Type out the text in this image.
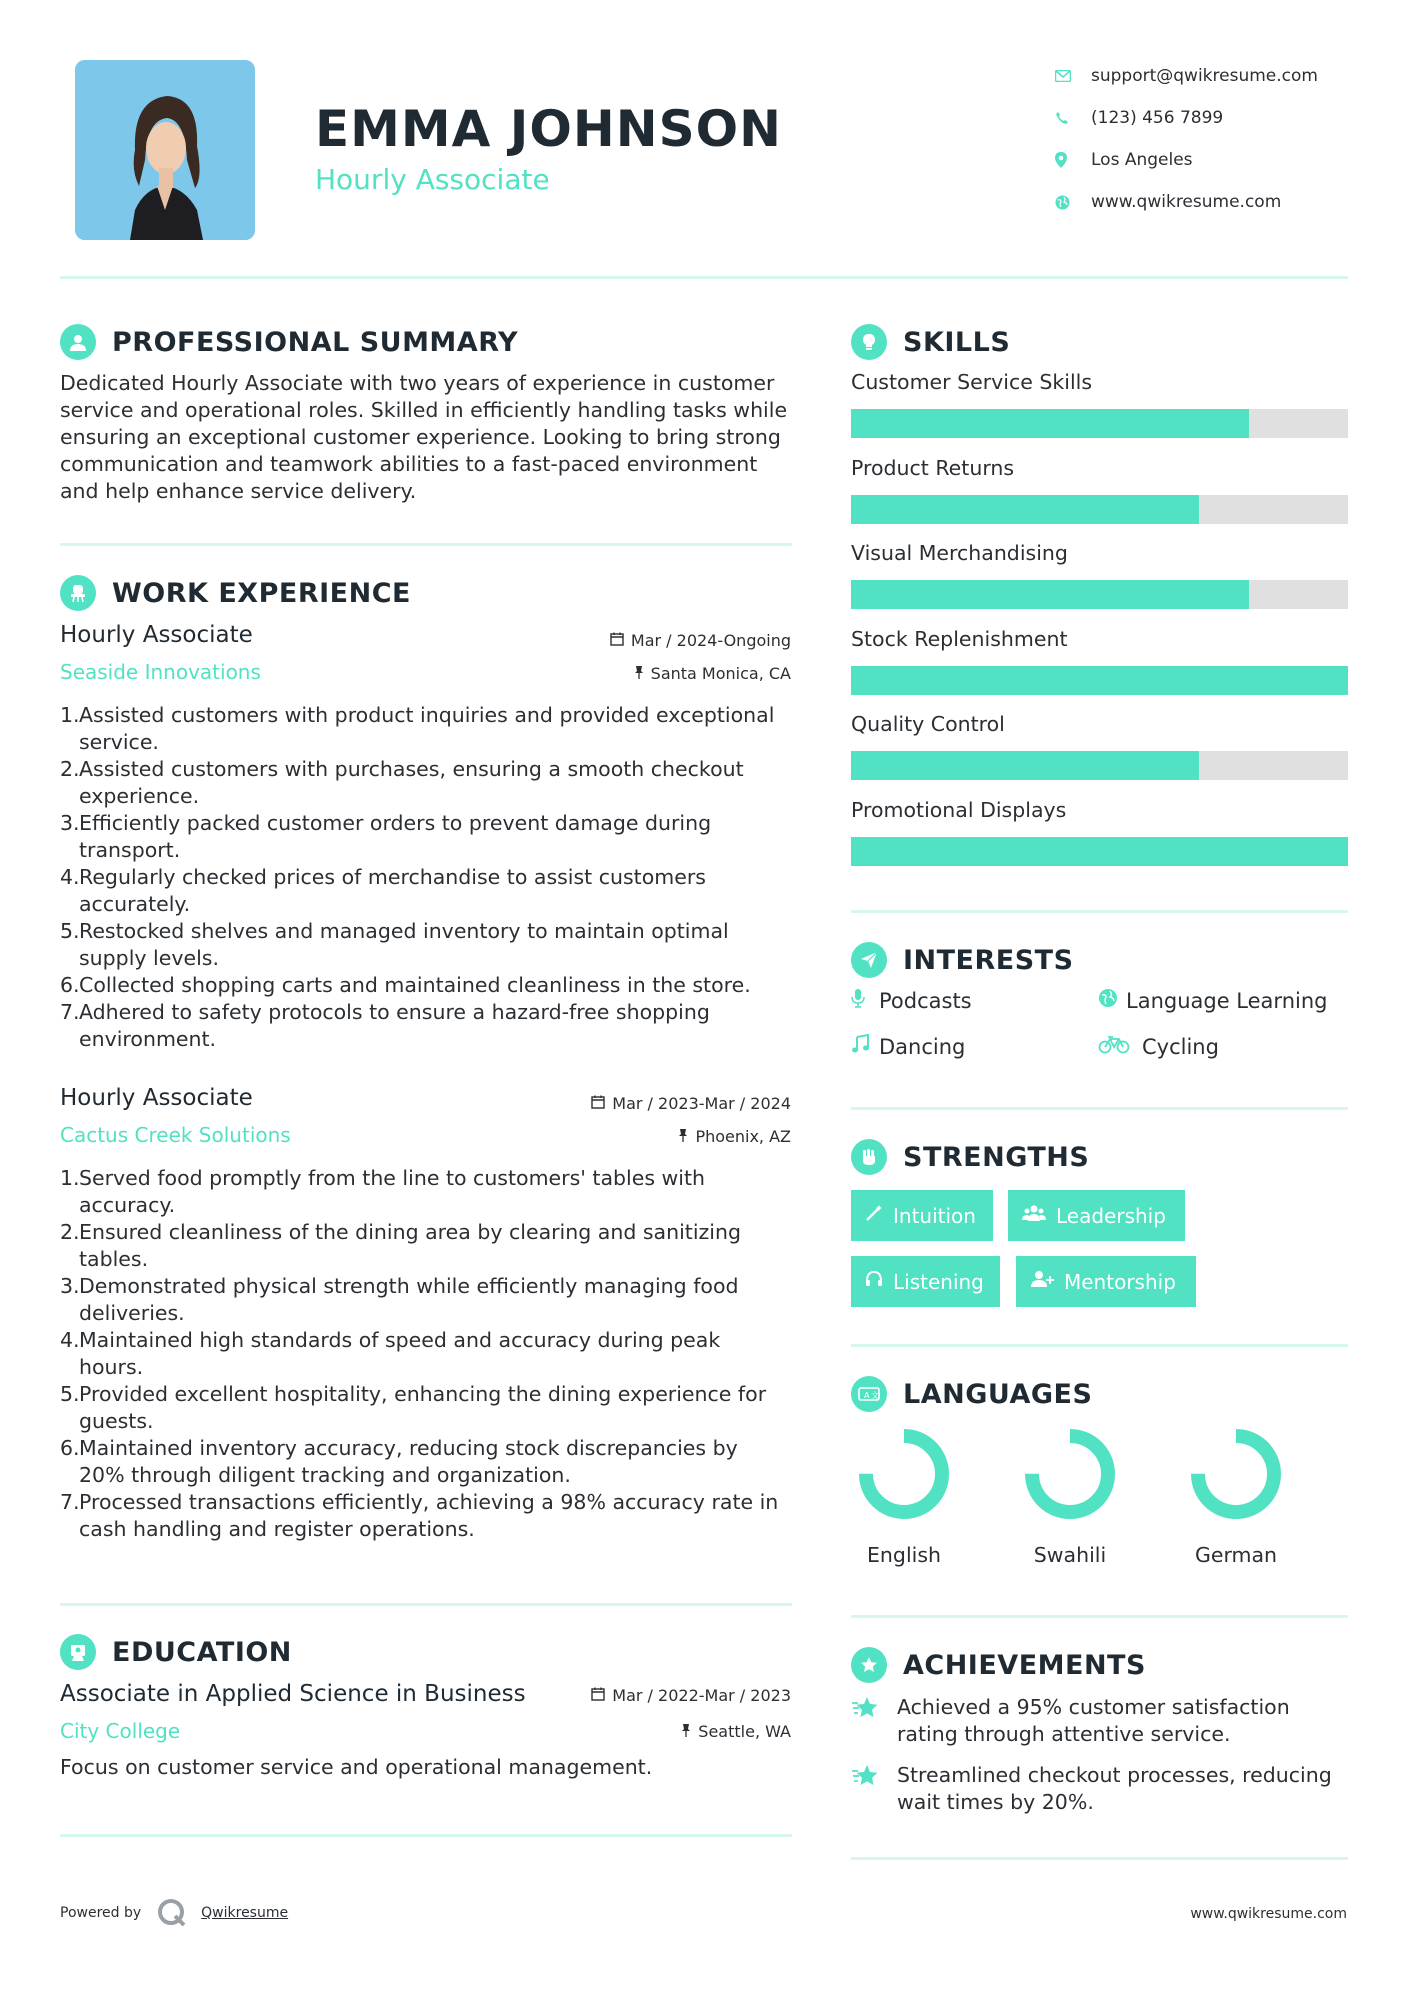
EMMA JOHNSON
Hourly Associate
support@qwikresume.com
(123) 456 7899
Los Angeles
www.qwikresume.com
PROFESSIONAL SUMMARY
Dedicated Hourly Associate with two years of experience in customer
service and operational roles. Skilled in efficiently handling tasks while
ensuring an exceptional customer experience. Looking to bring strong
communication and teamwork abilities to a fast-paced environment
and help enhance service delivery.
WORK EXPERIENCE
Hourly Associate
Seaside Innovations
Mar / 2024-Ongoing
Santa Monica, CA
1. Assisted customers with product inquiries and provided exceptional
service.
2. Assisted customers with purchases, ensuring a smooth checkout
experience.
3. Efficiently packed customer orders to prevent damage during
transport.
4. Regularly checked prices of merchandise to assist customers
accurately.
5. Restocked shelves and managed inventory to maintain optimal
supply levels.
6. Collected shopping carts and maintained cleanliness in the store.
7. Adhered to safety protocols to ensure a hazard-free shopping
environment.
Hourly Associate
Cactus Creek Solutions
Mar / 2023-Mar / 2024
Phoenix, AZ
1. Served food promptly from the line to customers' tables with
accuracy.
2. Ensured cleanliness of the dining area by clearing and sanitizing
tables.
3. Demonstrated physical strength while efficiently managing food
deliveries.
4. Maintained high standards of speed and accuracy during peak
hours.
5. Provided excellent hospitality, enhancing the dining experience for
guests.
6. Maintained inventory accuracy, reducing stock discrepancies by
20% through diligent tracking and organization.
7. Processed transactions efficiently, achieving a 98% accuracy rate in
cash handling and register operations.
EDUCATION
Associate in Applied Science in Business
City College
Mar / 2022-Mar / 2023
Seattle, WA
Focus on customer service and operational management.
SKILLS
Customer Service Skills
Product Returns
Visual Merchandising
Stock Replenishment
Quality Control
Promotional Displays
INTERESTS
Podcasts	Language Learning
Dancing	Cycling
STRENGTHS
Intuition	Leadership
Listening	Mentorship
A 文 LANGUAGES
English	Swahili	German
ACHIEVEMENTS
Achieved a 95% customer satisfaction
rating through attentive service.
Streamlined checkout processes, reducing
wait times by 20%.
Powered by	Qwikresume	www.qwikresume.com
